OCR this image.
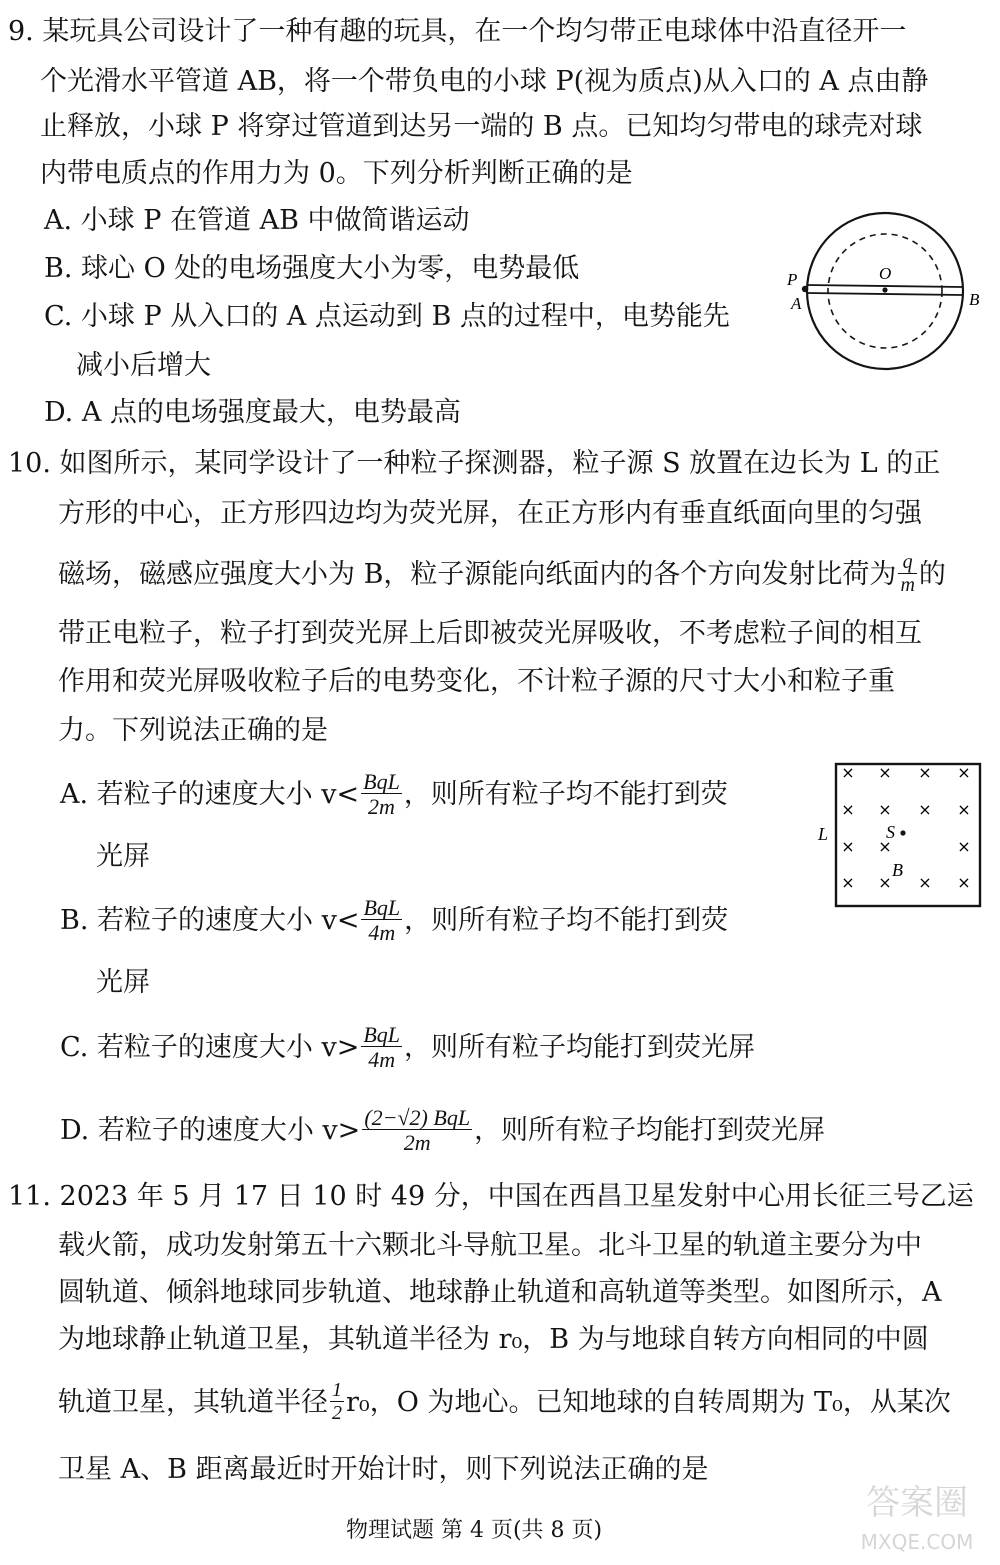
9. 某玩具公司设计了一种有趣的玩具，在一个均匀带正电球体中沿直径开一
个光滑水平管道 AB，将一个带负电的小球 P(视为质点)从入口的 A 点由静
止释放，小球 P 将穿过管道到达另一端的 B 点。已知均匀带电的球壳对球
内带电质点的作用力为 0。下列分析判断正确的是
A. 小球 P 在管道 AB 中做简谐运动
B. 球心 O 处的电场强度大小为零，电势最低
C. 小球 P 从入口的 A 点运动到 B 点的过程中，电势能先
减小后增大
D. A 点的电场强度最大，电势最高
P
A
O
B
10. 如图所示，某同学设计了一种粒子探测器，粒子源 S 放置在边长为 L 的正
方形的中心，正方形四边均为荧光屏，在正方形内有垂直纸面向里的匀强
磁场，磁感应强度大小为 B，粒子源能向纸面内的各个方向发射比荷为 $\frac{q}{m}$ 的
带正电粒子，粒子打到荧光屏上后即被荧光屏吸收，不考虑粒子间的相互
作用和荧光屏吸收粒子后的电势变化，不计粒子源的尺寸大小和粒子重
力。下列说法正确的是
A. 若粒子的速度大小 $v< \frac{\text{BqL}}{2m}$ ，则所有粒子均不能打到荧
光屏
B. 若粒子的速度大小 $v< \frac{\text{BqL}}{4m}$ ，则所有粒子均不能打到荧
光屏
C. 若粒子的速度大小 $v> \frac{\text{BqL}}{4m}$ ，则所有粒子均能打到荧光屏
D. 若粒子的速度大小 $v> \frac{\text{(2−√2) BqL}}{2m}$ ，则所有粒子均能打到荧光屏
× × × ×
×	×
× ×	×
× × × ×
× ×
L	S
B
11. 2023 年 5 月 17 日 10 时 49 分，中国在西昌卫星发射中心用长征三号乙运
载火箭，成功发射第五十六颗北斗导航卫星。北斗卫星的轨道主要分为中
圆轨道、倾斜地球同步轨道、地球静止轨道和高轨道等类型。如图所示，A
为地球静止轨道卫星，其轨道半径为 r₀，B 为与地球自转方向相同的中圆
轨道卫星，其轨道半径 $\frac{1}{2} r_0$，O 为地心。已知地球的自转周期为 T₀，从某次
卫星 A、B 距离最近时开始计时，则下列说法正确的是
物理试题 第 4 页(共 8 页)
答案圈
MXQE.COM
